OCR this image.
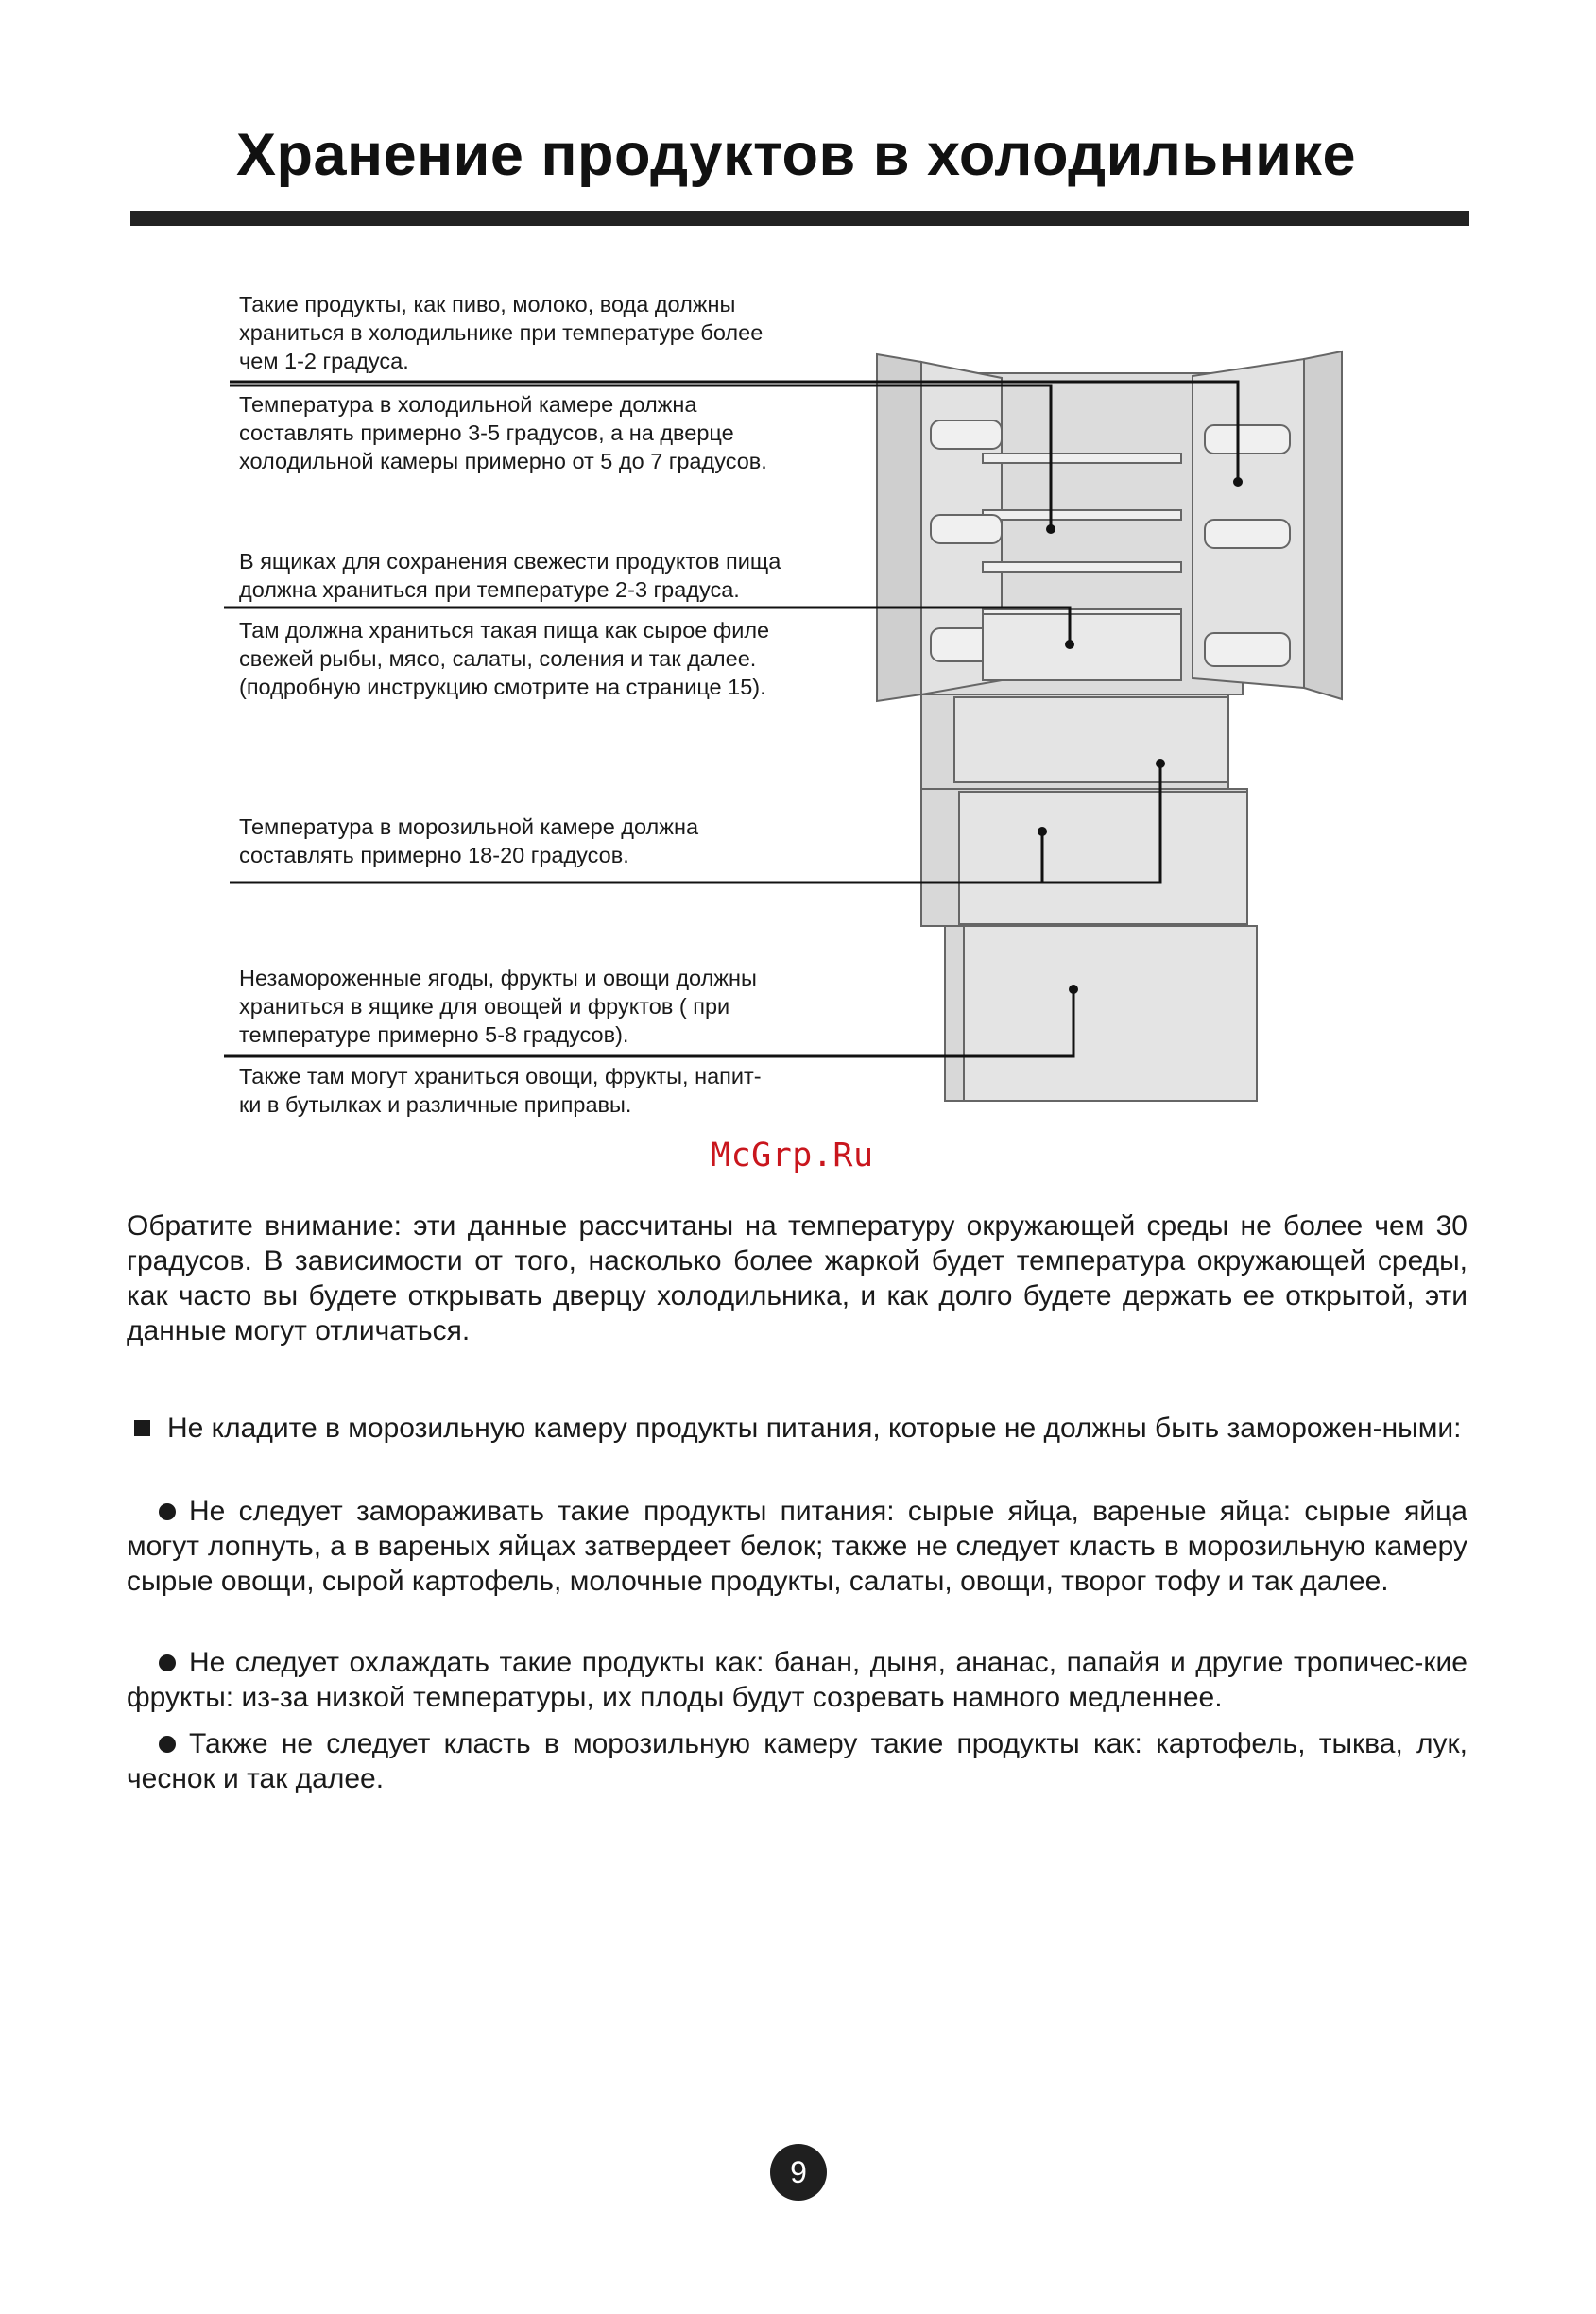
Хранение продуктов в холодильнике
Такие продукты, как пиво, молоко, вода должны
храниться в холодильнике при температуре более
чем 1-2 градуса.
Температура в холодильной камере должна
составлять примерно 3-5 градусов, а на дверце
холодильной камеры примерно от 5 до 7 градусов.
В ящиках для сохранения свежести продуктов пища
должна храниться при температуре 2-3 градуса.
Там должна храниться такая пища как сырое филе
свежей рыбы, мясо, салаты, соления и так далее.
(подробную инструкцию смотрите на странице 15).
Температура в морозильной камере должна
составлять примерно 18-20 градусов.
Незамороженные ягоды, фрукты и овощи должны
храниться в ящике для овощей и фруктов ( при
температуре примерно 5-8 градусов).
Также там могут храниться овощи, фрукты, напит-
ки в бутылках и различные приправы.
McGrp.Ru
Обратите внимание: эти данные рассчитаны на температуру окружающей среды не более чем 30 градусов. В зависимости от того, насколько более жаркой будет температура окружающей среды, как часто вы будете открывать дверцу холодильника, и как долго будете держать ее открытой, эти данные могут отличаться.
Не кладите в морозильную камеру продукты питания, которые не должны быть заморожен-ными:
Не следует замораживать такие продукты питания: сырые яйца, вареные яйца: сырые яйца могут лопнуть, а в вареных яйцах затвердеет белок; также не следует класть в морозильную камеру сырые овощи, сырой картофель, молочные продукты, салаты, овощи, творог тофу и так далее.
Не следует охлаждать такие продукты как: банан, дыня, ананас, папайя и другие тропичес-кие фрукты: из-за низкой температуры, их плоды будут созревать намного медленнее.
Также не следует класть в морозильную камеру такие продукты как: картофель, тыква, лук, чеснок и так далее.
9
